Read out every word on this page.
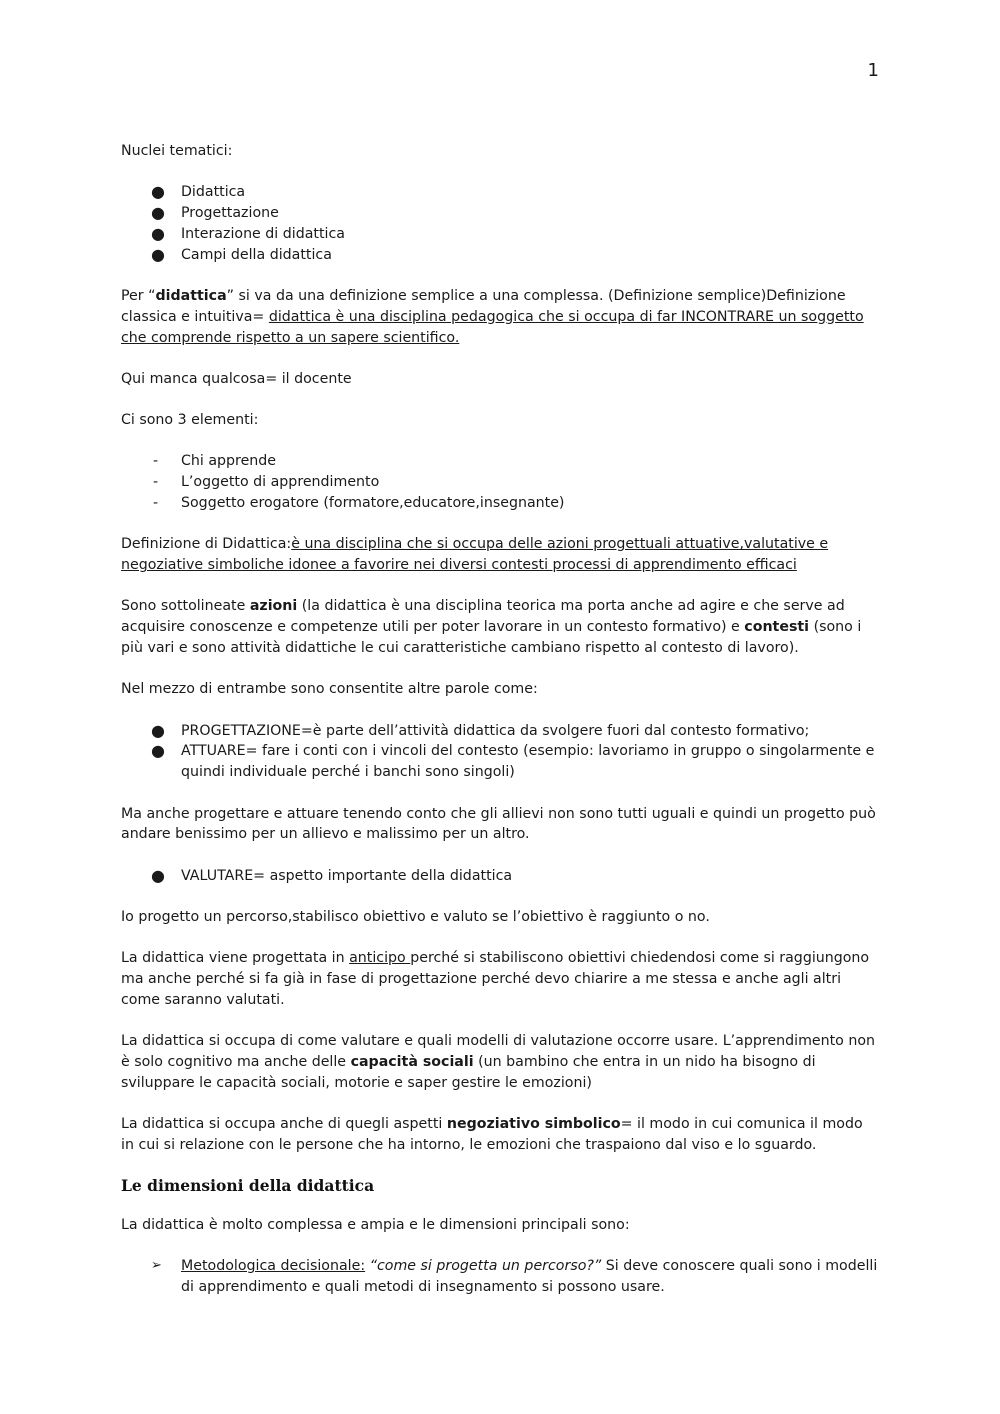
1

Nuclei tematici:

●	Didattica
●	Progettazione
●	Interazione di didattica
●	Campi della didattica

Per “didattica” si va da una definizione semplice a una complessa. (Definizione semplice)Definizione classica e intuitiva= didattica è una disciplina pedagogica che si occupa di far INCONTRARE un soggetto che comprende rispetto a un sapere scientifico.

Qui manca qualcosa= il docente

Ci sono 3 elementi:

-	Chi apprende
-	L’oggetto di apprendimento
-	Soggetto erogatore (formatore,educatore,insegnante)

Definizione di Didattica:è una disciplina che si occupa delle azioni progettuali attuative,valutative e negoziative simboliche idonee a favorire nei diversi contesti processi di apprendimento efficaci

Sono sottolineate azioni (la didattica è una disciplina teorica ma porta anche ad agire e che serve ad acquisire conoscenze e competenze utili per poter lavorare in un contesto formativo) e contesti (sono i più vari e sono attività didattiche le cui caratteristiche cambiano rispetto al contesto di lavoro).

Nel mezzo di entrambe sono consentite altre parole come:

●	PROGETTAZIONE=è parte dell’attività didattica da svolgere fuori dal contesto formativo;
●	ATTUARE= fare i conti con i vincoli del contesto (esempio: lavoriamo in gruppo o singolarmente e quindi individuale perché i banchi sono singoli)

Ma anche progettare e attuare tenendo conto che gli allievi non sono tutti uguali e quindi un progetto può andare benissimo per un allievo e malissimo per un altro.

●	VALUTARE= aspetto importante della didattica

Io progetto un percorso,stabilisco obiettivo e valuto se l’obiettivo è raggiunto o no.

La didattica viene progettata in anticipo perché si stabiliscono obiettivi chiedendosi come si raggiungono ma anche perché si fa già in fase di progettazione perché devo chiarire a me stessa e anche agli altri come saranno valutati.

La didattica si occupa di come valutare e quali modelli di valutazione occorre usare. L’apprendimento non è solo cognitivo ma anche delle capacità sociali (un bambino che entra in un nido ha bisogno di sviluppare le capacità sociali, motorie e saper gestire le emozioni)

La didattica si occupa anche di quegli aspetti negoziativo simbolico= il modo in cui comunica il modo in cui si relazione con le persone che ha intorno, le emozioni che traspaiono dal viso e lo sguardo.

Le dimensioni della didattica

La didattica è molto complessa e ampia e le dimensioni principali sono:

➢	Metodologica decisionale: “come si progetta un percorso?” Si deve conoscere quali sono i modelli di apprendimento e quali metodi di insegnamento si possono usare.
